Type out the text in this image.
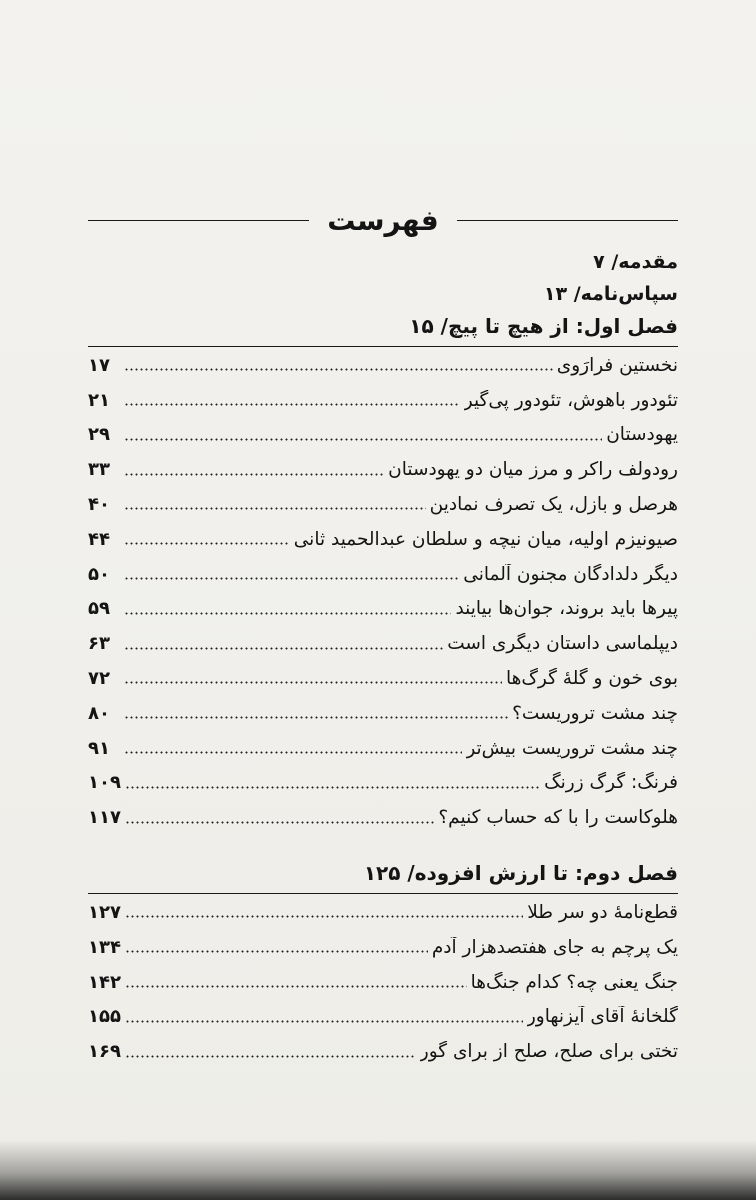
فهرست
مقدمه/ ۷
سپاس‌نامه/ ۱۳
فصل اول: از هیچ تا پیچ/ ۱۵
نخستین فرارَوی
۱۷
تئودور باهوش، تئودور پی‌گیر
۲۱
یهودستان
۲۹
رودولف راکر و مرز میان دو یهودستان
۳۳
هرصل و بازل، یک تصرف نمادین
۴۰
صیونیزم اولیه، میان نیچه و سلطان عبدالحمید ثانی
۴۴
دیگر دلدادگان مجنون آلمانی
۵۰
پیرها باید بروند، جوان‌ها بیایند
۵۹
دیپلماسی داستان دیگری است
۶۳
بوی خون و گلهٔ گرگ‌ها
۷۲
چند مشت تروریست؟
۸۰
چند مشت تروریست بیش‌تر
۹۱
فرنگ: گرگ زرنگ
۱۰۹
هلوکاست را با که حساب کنیم؟
۱۱۷
فصل دوم: تا ارزش افزوده/ ۱۲۵
قطع‌نامهٔ دو سر طلا
۱۲۷
یک پرچم به جای هفتصدهزار آدم
۱۳۴
جنگ یعنی چه؟ کدام جنگ‌ها
۱۴۲
گلخانهٔ آقای آیزنهاور
۱۵۵
تختی برای صلح، صلح از برای گور
۱۶۹
